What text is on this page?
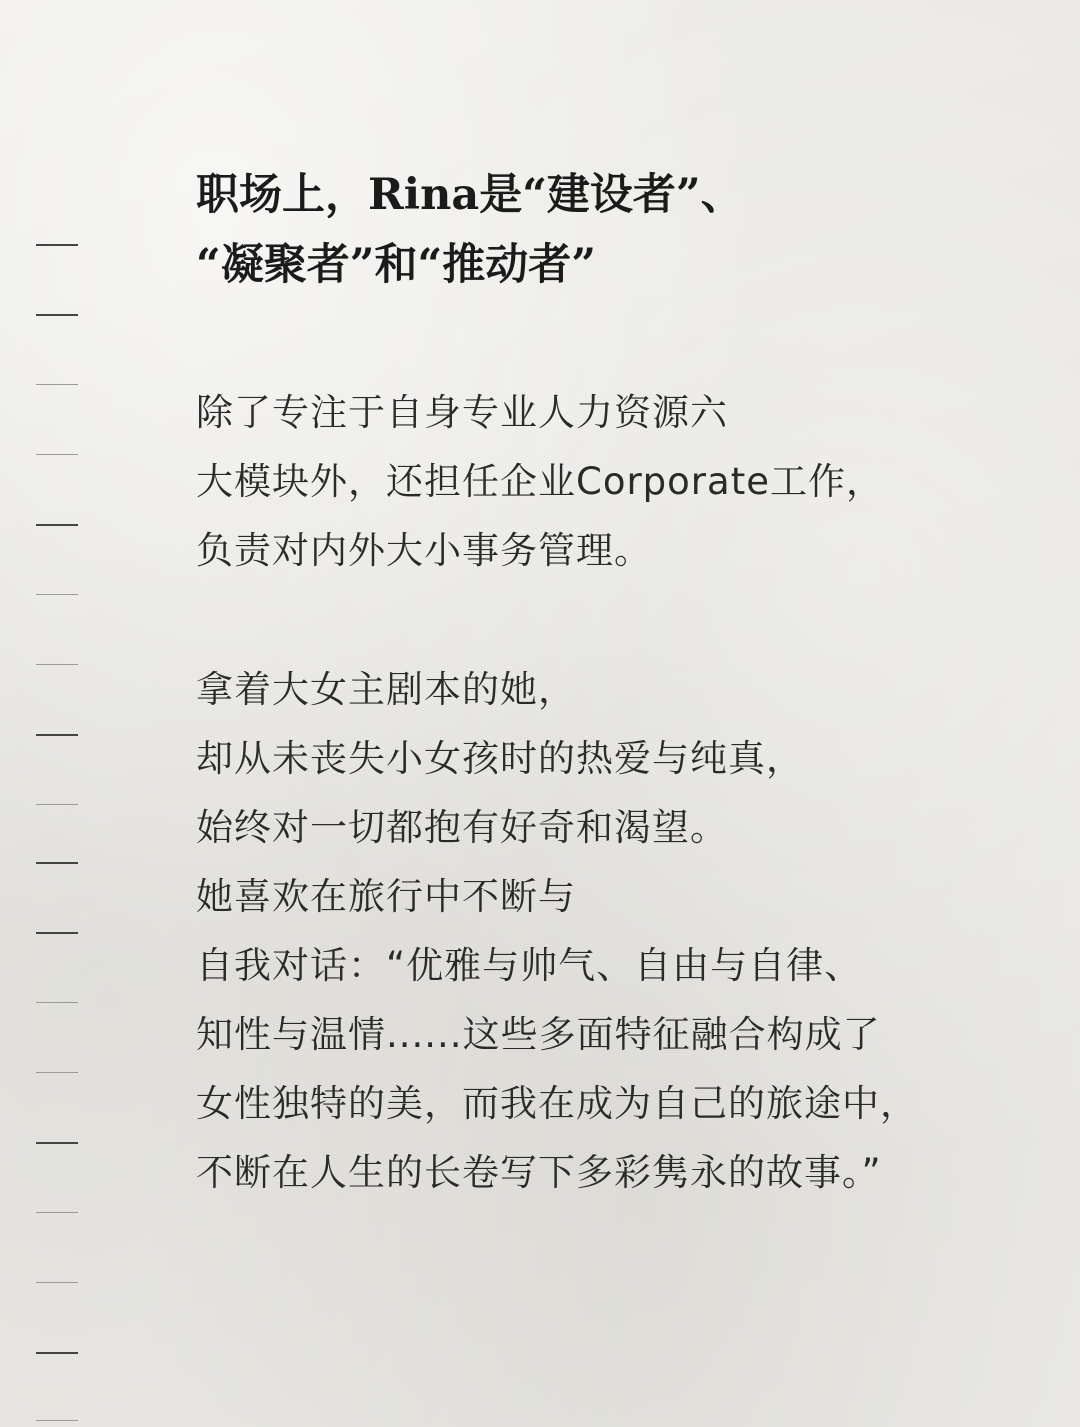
职场上，Rina是“建设者”、
“凝聚者”和“推动者”
除了专注于自身专业人力资源六
大模块外，还担任企业Corporate工作，
负责对内外大小事务管理。
拿着大女主剧本的她，
却从未丧失小女孩时的热爱与纯真，
始终对一切都抱有好奇和渴望。
她喜欢在旅行中不断与
自我对话：“优雅与帅气、自由与自律、
知性与温情......这些多面特征融合构成了
女性独特的美，而我在成为自己的旅途中，
不断在人生的长卷写下多彩隽永的故事。”
